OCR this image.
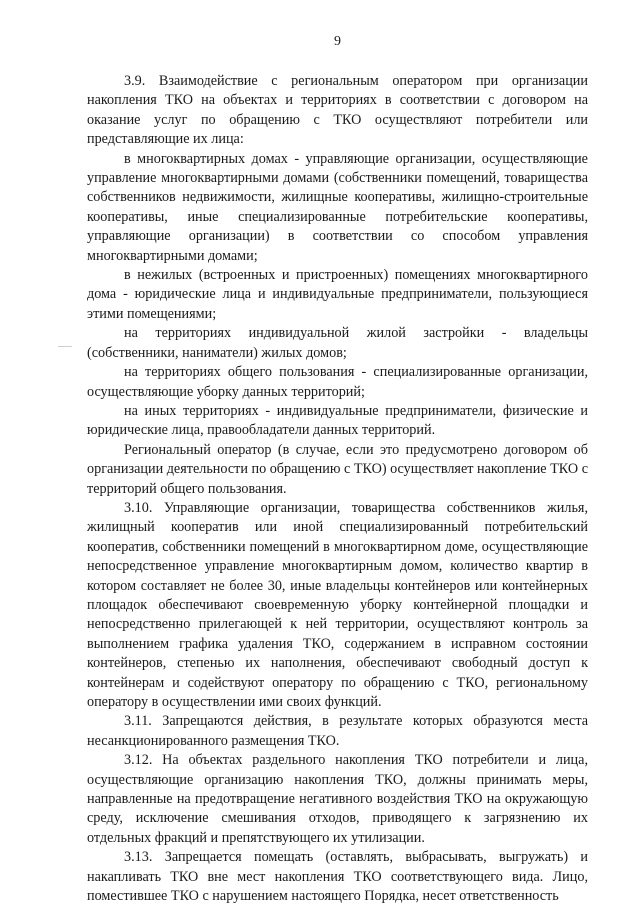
9

3.9. Взаимодействие с региональным оператором при организации накопления ТКО на объектах и территориях в соответствии с договором на оказание услуг по обращению с ТКО осуществляют потребители или представляющие их лица:

в многоквартирных домах - управляющие организации, осуществляющие управление многоквартирными домами (собственники помещений, товарищества собственников недвижимости, жилищные кооперативы, жилищно-строительные кооперативы, иные специализированные потребительские кооперативы, управляющие организации) в соответствии со способом управления многоквартирными домами;

в нежилых (встроенных и пристроенных) помещениях многоквартирного дома - юридические лица и индивидуальные предприниматели, пользующиеся этими помещениями;

на территориях индивидуальной жилой застройки - владельцы (собственники, наниматели) жилых домов;

на территориях общего пользования - специализированные организации, осуществляющие уборку данных территорий;

на иных территориях - индивидуальные предприниматели, физические и юридические лица, правообладатели данных территорий.

Региональный оператор (в случае, если это предусмотрено договором об организации деятельности по обращению с ТКО) осуществляет накопление ТКО с территорий общего пользования.

3.10. Управляющие организации, товарищества собственников жилья, жилищный кооператив или иной специализированный потребительский кооператив, собственники помещений в многоквартирном доме, осуществляющие непосредственное управление многоквартирным домом, количество квартир в котором составляет не более 30, иные владельцы контейнеров или контейнерных площадок обеспечивают своевременную уборку контейнерной площадки и непосредственно прилегающей к ней территории, осуществляют контроль за выполнением графика удаления ТКО, содержанием в исправном состоянии контейнеров, степенью их наполнения, обеспечивают свободный доступ к контейнерам и содействуют оператору по обращению с ТКО, региональному оператору в осуществлении ими своих функций.

3.11. Запрещаются действия, в результате которых образуются места несанкционированного размещения ТКО.

3.12. На объектах раздельного накопления ТКО потребители и лица, осуществляющие организацию накопления ТКО, должны принимать меры, направленные на предотвращение негативного воздействия ТКО на окружающую среду, исключение смешивания отходов, приводящего к загрязнению их отдельных фракций и препятствующего их утилизации.

3.13. Запрещается помещать (оставлять, выбрасывать, выгружать) и накапливать ТКО вне мест накопления ТКО соответствующего вида. Лицо, поместившее ТКО с нарушением настоящего Порядка, несет ответственность
